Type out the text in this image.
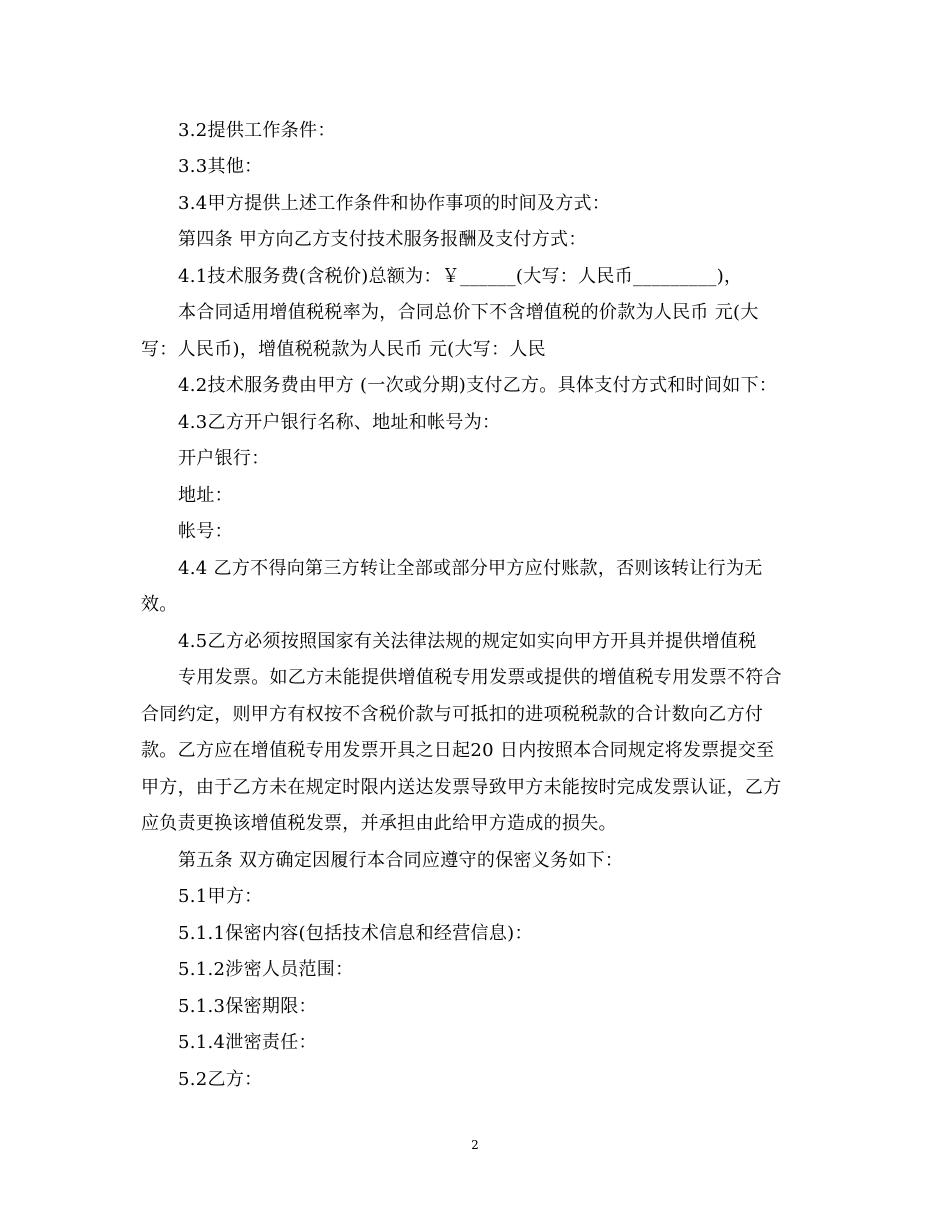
3.2提供工作条件：
3.3其他：
3.4甲方提供上述工作条件和协作事项的时间及方式：
第四条 甲方向乙方支付技术服务报酬及支付方式：
4.1技术服务费(含税价)总额为：￥______(大写：人民币_________)，
本合同适用增值税税率为，合同总价下不含增值税的价款为人民币 元(大
写：人民币)，增值税税款为人民币 元(大写：人民
4.2技术服务费由甲方 (一次或分期)支付乙方。具体支付方式和时间如下：
4.3乙方开户银行名称、地址和帐号为：
开户银行：
地址：
帐号：
4.4 乙方不得向第三方转让全部或部分甲方应付账款，否则该转让行为无
效。
4.5乙方必须按照国家有关法律法规的规定如实向甲方开具并提供增值税
专用发票。如乙方未能提供增值税专用发票或提供的增值税专用发票不符合
合同约定，则甲方有权按不含税价款与可抵扣的进项税税款的合计数向乙方付
款。乙方应在增值税专用发票开具之日起20 日内按照本合同规定将发票提交至
甲方，由于乙方未在规定时限内送达发票导致甲方未能按时完成发票认证，乙方
应负责更换该增值税发票，并承担由此给甲方造成的损失。
第五条 双方确定因履行本合同应遵守的保密义务如下：
5.1甲方：
5.1.1保密内容(包括技术信息和经营信息)：
5.1.2涉密人员范围：
5.1.3保密期限：
5.1.4泄密责任：
5.2乙方：
2
